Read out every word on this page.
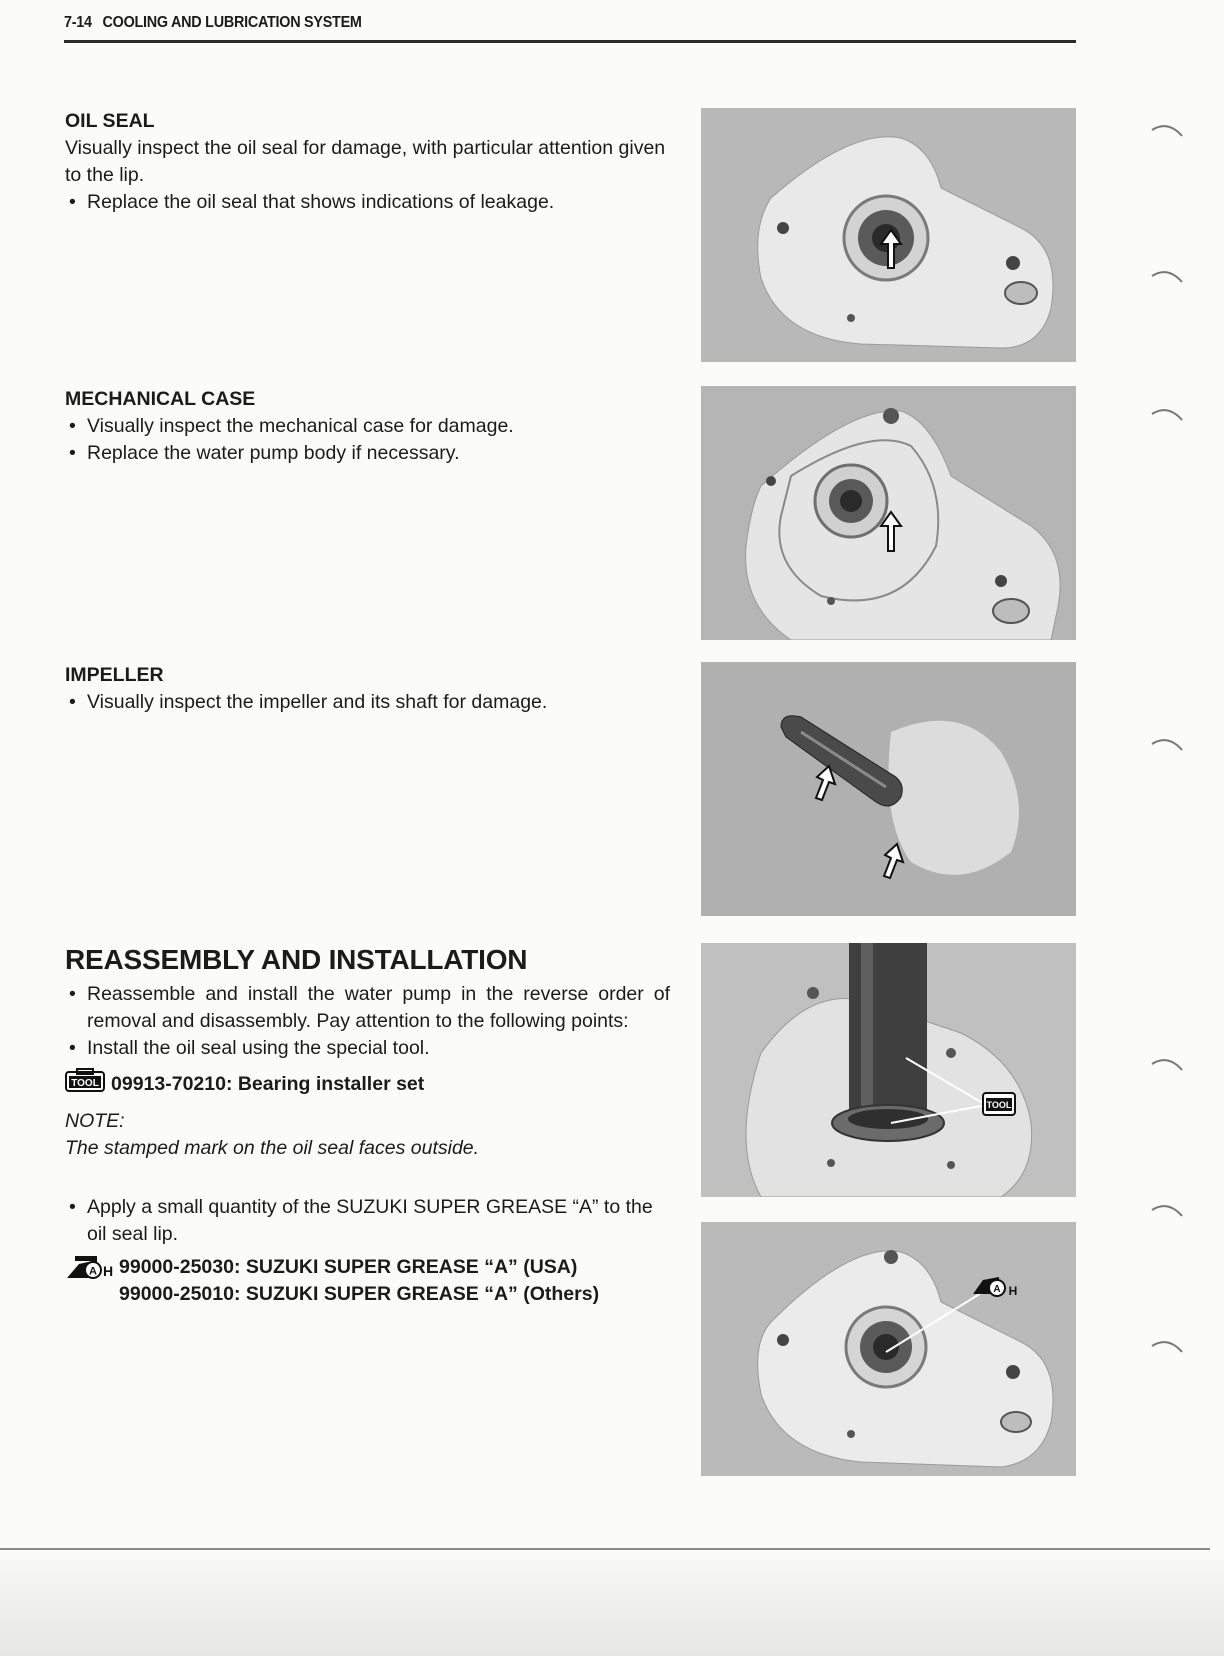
7-14 COOLING AND LUBRICATION SYSTEM

OIL SEAL

Visually inspect the oil seal for damage, with particular attention given to the lip.

• Replace the oil seal that shows indications of leakage.

MECHANICAL CASE

• Visually inspect the mechanical case for damage.

• Replace the water pump body if necessary.

IMPELLER

• Visually inspect the impeller and its shaft for damage.

REASSEMBLY AND INSTALLATION

• Reassemble and install the water pump in the reverse order of removal and disassembly. Pay attention to the following points:

• Install the oil seal using the special tool.

TOOL 09913-70210: Bearing installer set

NOTE:

The stamped mark on the oil seal faces outside.

• Apply a small quantity of the SUZUKI SUPER GREASE “A” to the oil seal lip.

A H 99000-25030: SUZUKI SUPER GREASE “A” (USA)
99000-25010: SUZUKI SUPER GREASE “A” (Others)
TOOL
A H
